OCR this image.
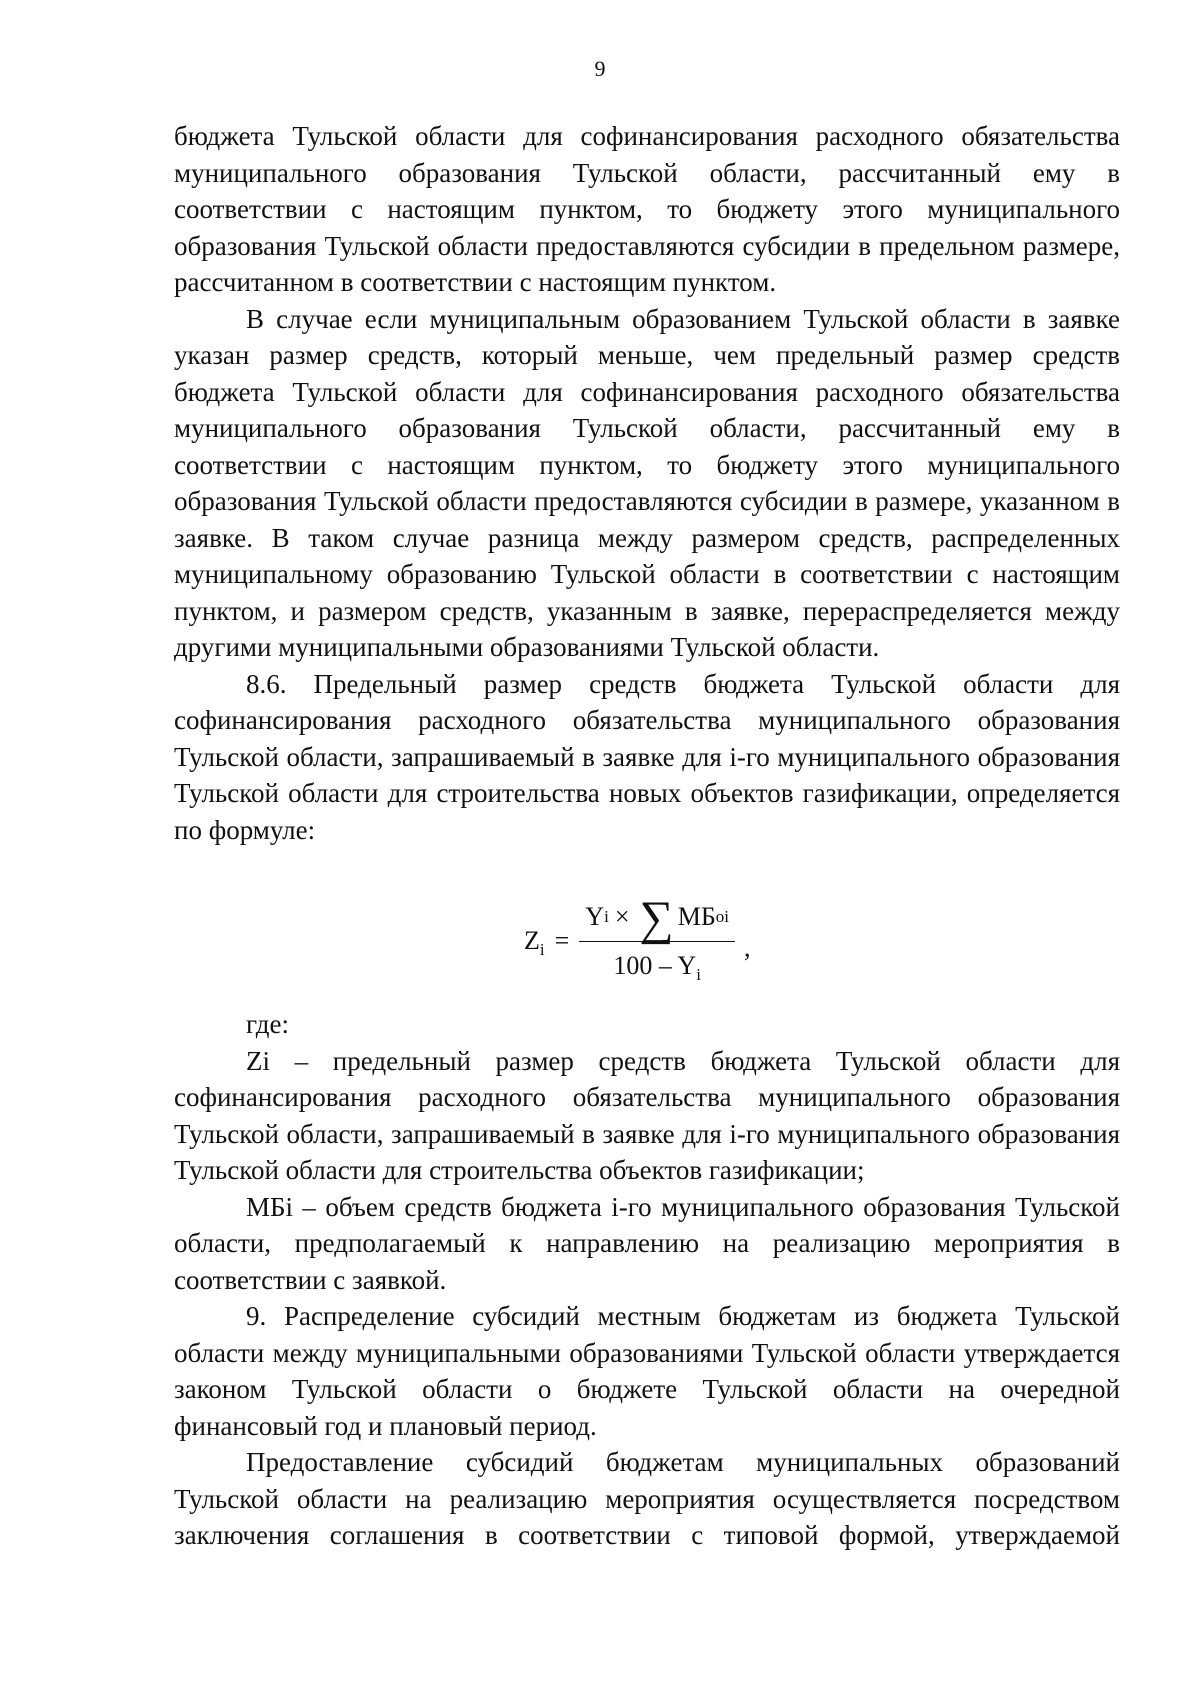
9

бюджета Тульской области для софинансирования расходного обязательства муниципального образования Тульской области, рассчитанный ему в соответствии с настоящим пунктом, то бюджету этого муниципального образования Тульской области предоставляются субсидии в предельном размере, рассчитанном в соответствии с настоящим пунктом.

В случае если муниципальным образованием Тульской области в заявке указан размер средств, который меньше, чем предельный размер средств бюджета Тульской области для софинансирования расходного обязательства муниципального образования Тульской области, рассчитанный ему в соответствии с настоящим пунктом, то бюджету этого муниципального образования Тульской области предоставляются субсидии в размере, указанном в заявке. В таком случае разница между размером средств, распределенных муниципальному образованию Тульской области в соответствии с настоящим пунктом, и размером средств, указанным в заявке, перераспределяется между другими муниципальными образованиями Тульской области.

8.6. Предельный размер средств бюджета Тульской области для софинансирования расходного обязательства муниципального образования Тульской области, запрашиваемый в заявке для i-го муниципального образования Тульской области для строительства новых объектов газификации, определяется по формуле:

$Z_i = \frac{\text{Y i × ∑ МБ oi}}{100 - Y_i}$ ,

где:

Zi – предельный размер средств бюджета Тульской области для софинансирования расходного обязательства муниципального образования Тульской области, запрашиваемый в заявке для i-го муниципального образования Тульской области для строительства объектов газификации;

МБi – объем средств бюджета i-го муниципального образования Тульской области, предполагаемый к направлению на реализацию мероприятия в соответствии с заявкой.

9. Распределение субсидий местным бюджетам из бюджета Тульской области между муниципальными образованиями Тульской области утверждается законом Тульской области о бюджете Тульской области на очередной финансовый год и плановый период.

Предоставление субсидий бюджетам муниципальных образований Тульской области на реализацию мероприятия осуществляется посредством заключения соглашения в соответствии с типовой формой, утверждаемой
